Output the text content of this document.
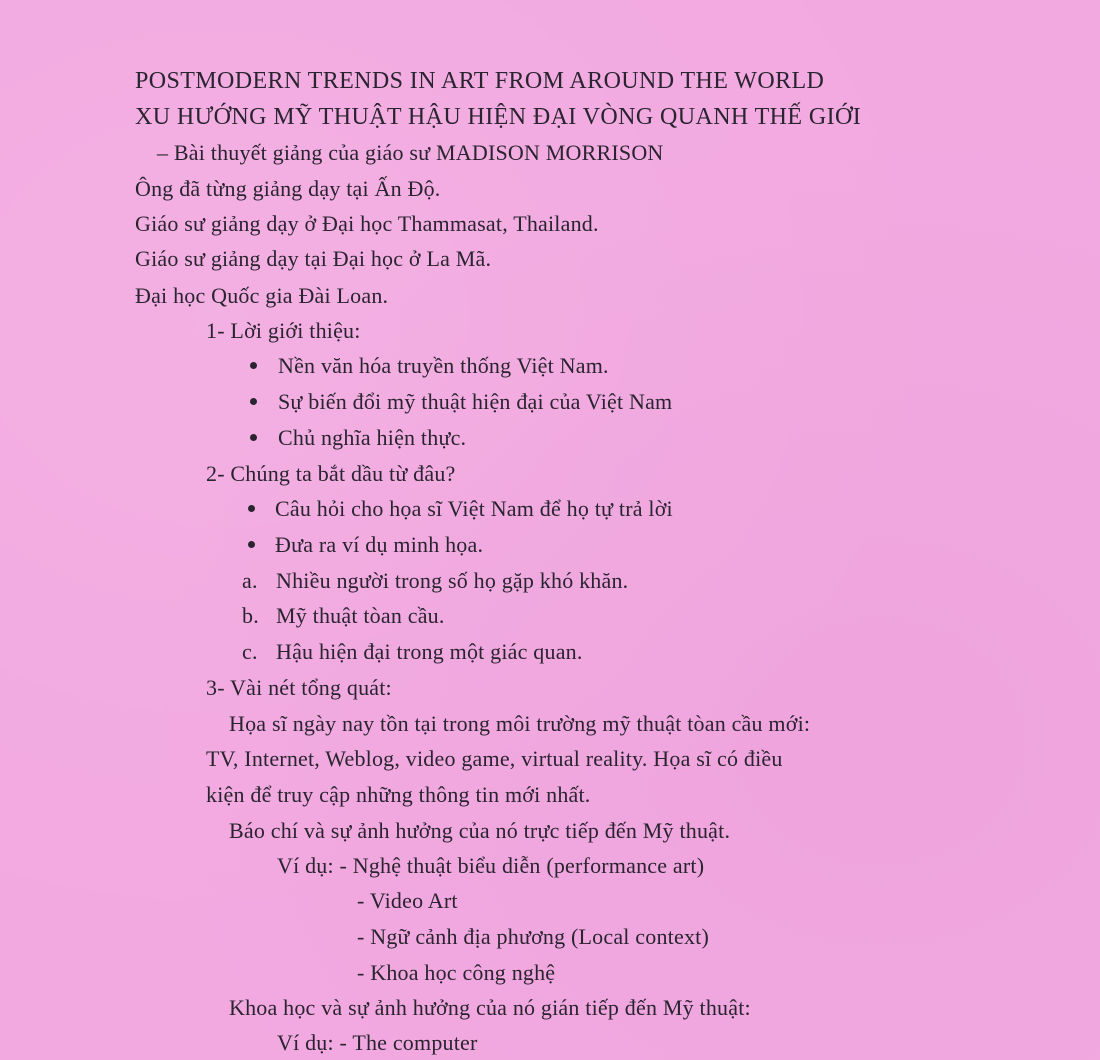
POSTMODERN TRENDS IN ART FROM AROUND THE WORLD
XU HƯỚNG MỸ THUẬT HẬU HIỆN ĐẠI VÒNG QUANH THẾ GIỚI
– Bài thuyết giảng của giáo sư MADISON MORRISON
Ông đã từng giảng dạy tại Ấn Độ.
Giáo sư giảng dạy ở Đại học Thammasat, Thailand.
Giáo sư giảng dạy tại Đại học ở La Mã.
Đại học Quốc gia Đài Loan.
1- Lời giới thiệu:
Nền văn hóa truyền thống Việt Nam.
Sự biến đổi mỹ thuật hiện đại của Việt Nam
Chủ nghĩa hiện thực.
2- Chúng ta bắt dầu từ đâu?
Câu hỏi cho họa sĩ Việt Nam để họ tự trả lời
Đưa ra ví dụ minh họa.
a. Nhiều người trong số họ gặp khó khăn.
b. Mỹ thuật tòan cầu.
c. Hậu hiện đại trong một giác quan.
3- Vài nét tổng quát:
Họa sĩ ngày nay tồn tại trong môi trường mỹ thuật tòan cầu mới:
TV, Internet, Weblog, video game, virtual reality. Họa sĩ có điều
kiện để truy cập những thông tin mới nhất.
Báo chí và sự ảnh hưởng của nó trực tiếp đến Mỹ thuật.
Ví dụ: - Nghệ thuật biểu diễn (performance art)
- Video Art
- Ngữ cảnh địa phương (Local context)
- Khoa học công nghệ
Khoa học và sự ảnh hưởng của nó gián tiếp đến Mỹ thuật:
Ví dụ: - The computer
